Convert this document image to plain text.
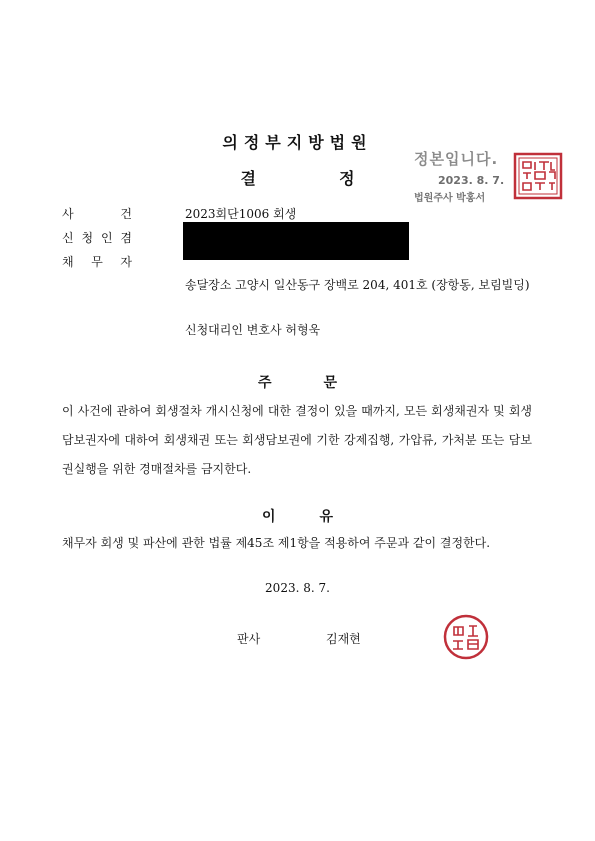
⠀
의정부지방법원
결	정
정본입니다.
2023. 8. 7.
법원주사 박홍서
사	건	2023회단1006 회생
신 청 인 겸
채 무 자
송달장소 고양시 일산동구 장백로 204, 401호 (장항동, 보림빌딩)
신청대리인 변호사 허형욱
주	문
이 사건에 관하여 회생절차 개시신청에 대한 결정이 있을 때까지, 모든 회생채권자 및 회생담보권자에 대하여 회생채권 또는 회생담보권에 기한 강제집행, 가압류, 가처분 또는 담보권실행을 위한 경매절차를 금지한다.
이	유
채무자 회생 및 파산에 관한 법률 제45조 제1항을 적용하여 주문과 같이 결정한다.
2023. 8. 7.
판사	김재현
